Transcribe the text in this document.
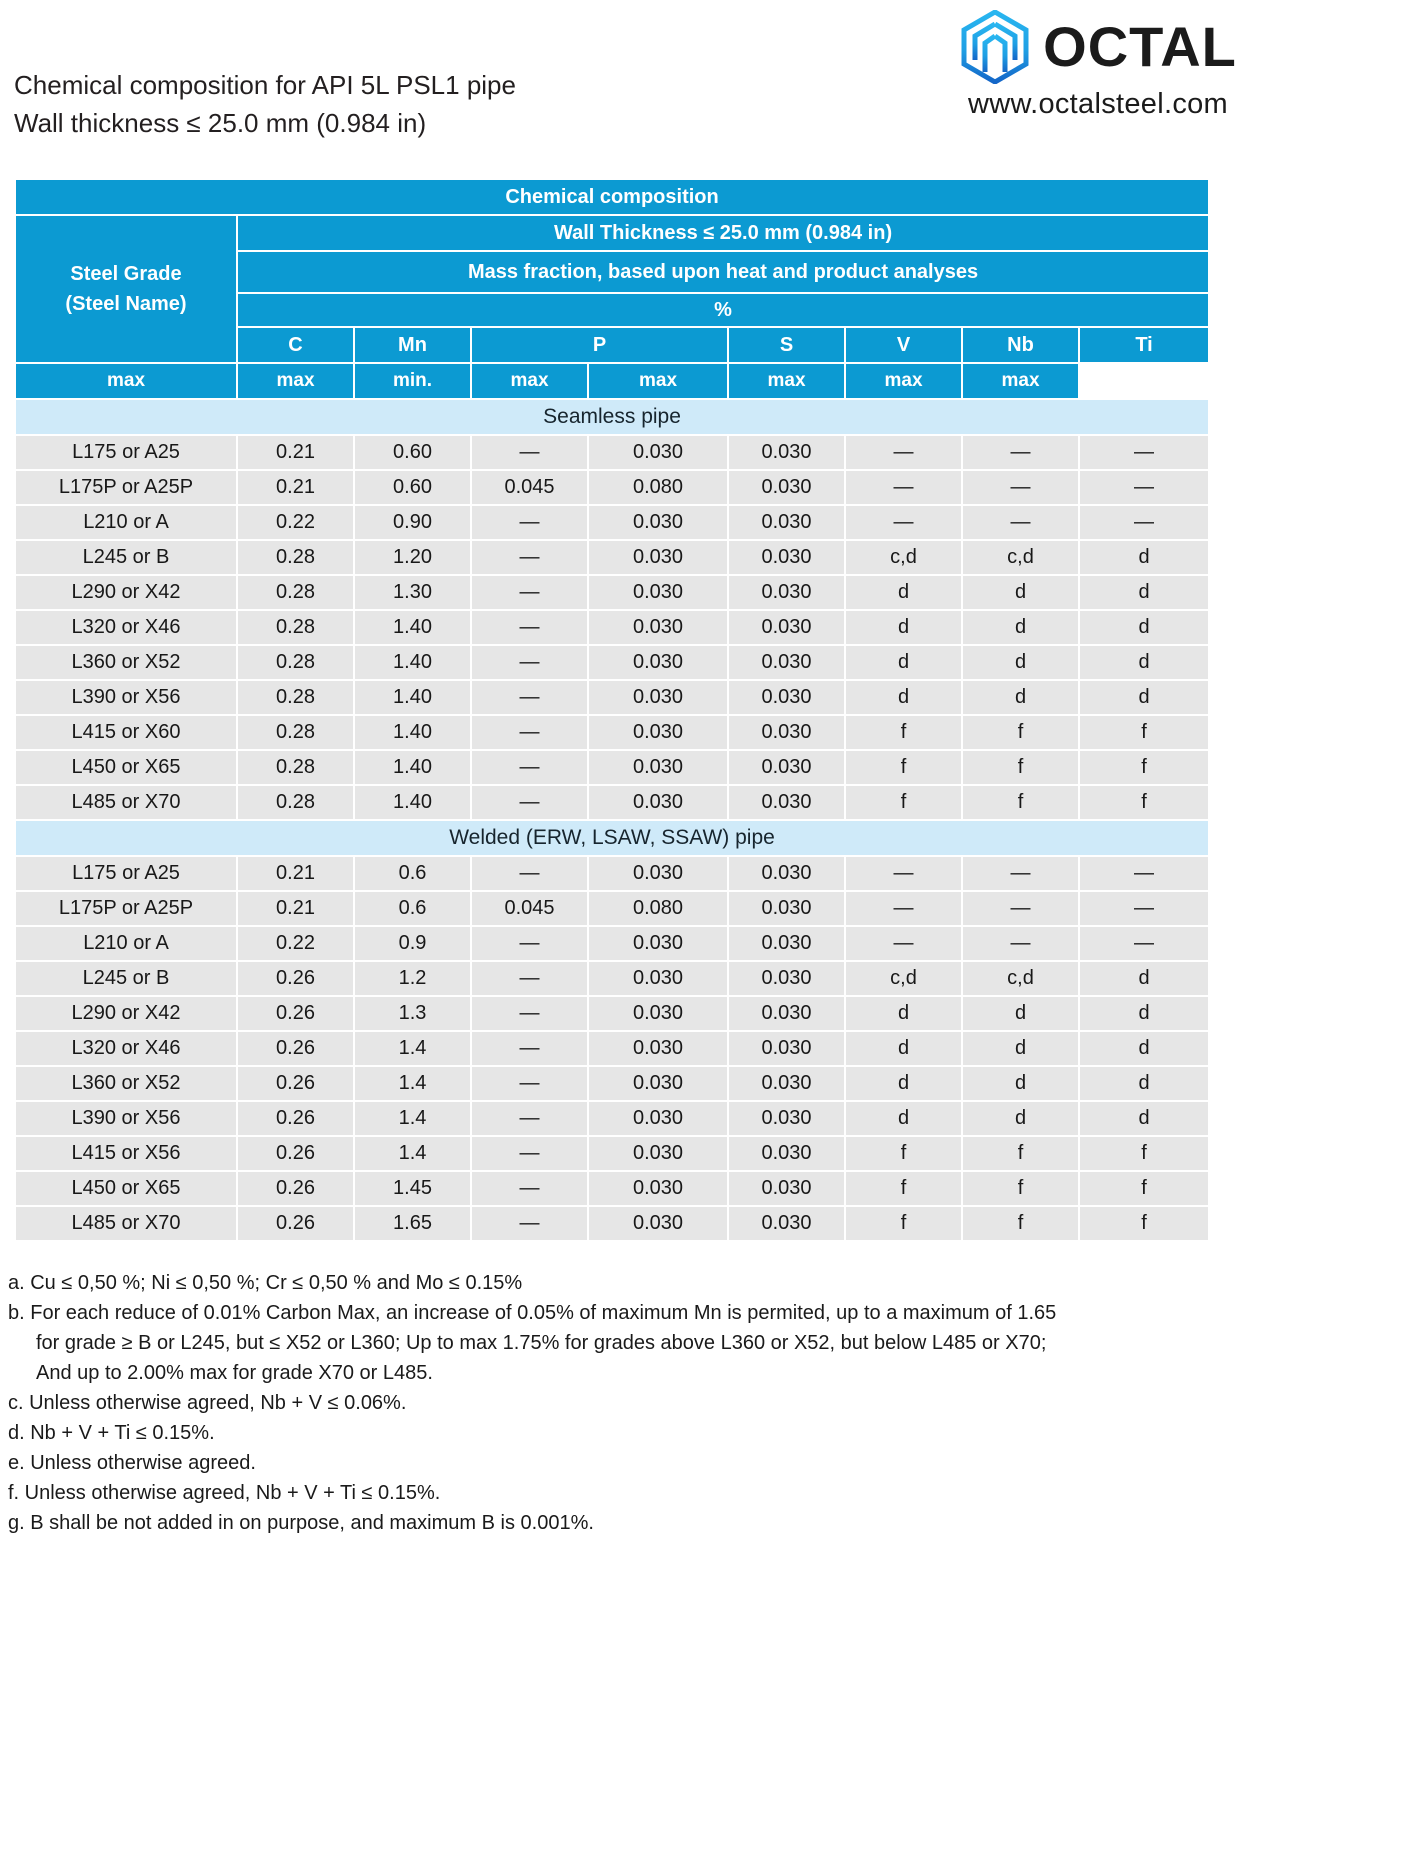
Chemical composition for API 5L PSL1 pipe
Wall thickness ≤ 25.0 mm (0.984 in)
OCTAL
www.octalsteel.com
Chemical composition								

Steel Grade
(Steel Name)	Wall Thickness ≤ 25.0 mm (0.984 in)							
	Mass fraction, based upon heat and product analyses							
	%							
	C	Mn	P		S	V	Nb	Ti
max	max	min.	max	max	max	max	max	
Seamless pipe								
L175 or A25	0.21	0.60	—	0.030	0.030	—	—	—
L175P or A25P	0.21	0.60	0.045	0.080	0.030	—	—	—
L210 or A	0.22	0.90	—	0.030	0.030	—	—	—
L245 or B	0.28	1.20	—	0.030	0.030	c,d	c,d	d
L290 or X42	0.28	1.30	—	0.030	0.030	d	d	d
L320 or X46	0.28	1.40	—	0.030	0.030	d	d	d
L360 or X52	0.28	1.40	—	0.030	0.030	d	d	d
L390 or X56	0.28	1.40	—	0.030	0.030	d	d	d
L415 or X60	0.28	1.40	—	0.030	0.030	f	f	f
L450 or X65	0.28	1.40	—	0.030	0.030	f	f	f
L485 or X70	0.28	1.40	—	0.030	0.030	f	f	f
Welded (ERW, LSAW, SSAW) pipe								
L175 or A25	0.21	0.6	—	0.030	0.030	—	—	—
L175P or A25P	0.21	0.6	0.045	0.080	0.030	—	—	—
L210 or A	0.22	0.9	—	0.030	0.030	—	—	—
L245 or B	0.26	1.2	—	0.030	0.030	c,d	c,d	d
L290 or X42	0.26	1.3	—	0.030	0.030	d	d	d
L320 or X46	0.26	1.4	—	0.030	0.030	d	d	d
L360 or X52	0.26	1.4	—	0.030	0.030	d	d	d
L390 or X56	0.26	1.4	—	0.030	0.030	d	d	d
L415 or X56	0.26	1.4	—	0.030	0.030	f	f	f
L450 or X65	0.26	1.45	—	0.030	0.030	f	f	f
L485 or X70	0.26	1.65	—	0.030	0.030	f	f	f
a. Cu ≤ 0,50 %; Ni ≤ 0,50 %; Cr ≤ 0,50 % and Mo ≤ 0.15%
b. For each reduce of 0.01% Carbon Max, an increase of 0.05% of maximum Mn is permited, up to a maximum of 1.65
for grade ≥ B or L245, but ≤ X52 or L360; Up to max 1.75% for grades above L360 or X52, but below L485 or X70;
And up to 2.00% max for grade X70 or L485.
c. Unless otherwise agreed, Nb + V ≤ 0.06%.
d. Nb + V + Ti ≤ 0.15%.
e. Unless otherwise agreed.
f. Unless otherwise agreed, Nb + V + Ti ≤ 0.15%.
g. B shall be not added in on purpose, and maximum B is 0.001%.
